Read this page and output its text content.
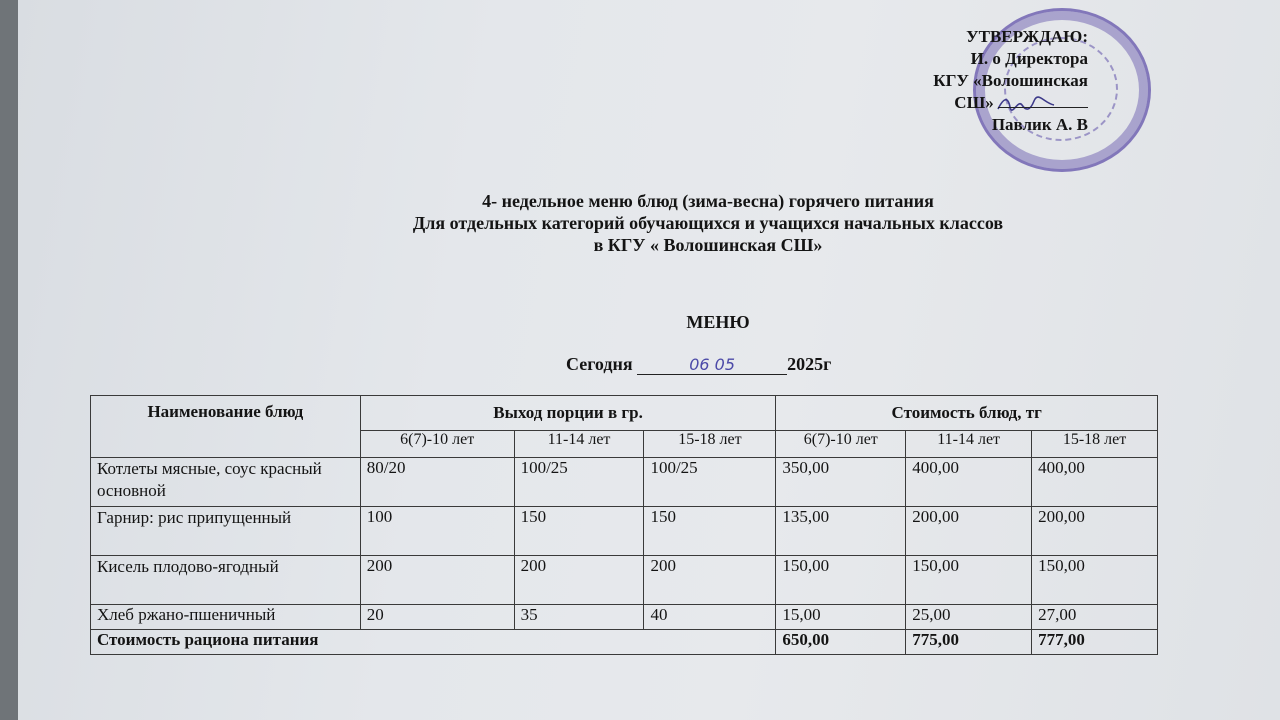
УТВЕРЖДАЮ:
И. о Директора
КГУ «Волошинская
СШ»
Павлик А. В
4- недельное меню блюд (зима-весна) горячего питания
Для отдельных категорий обучающихся и учащихся начальных классов
в КГУ « Волошинская СШ»
МЕНЮ
Сегодня	06 05	2025г
Наименование блюд	Выход порции в гр.			Стоимость блюд, тг		
	6(7)-10 лет	11-14 лет	15-18 лет	6(7)-10 лет	11-14 лет	15-18 лет
Котлеты мясные, соус красный основной	80/20	100/25	100/25	350,00	400,00	400,00
Гарнир: рис припущенный	100	150	150	135,00	200,00	200,00
Кисель плодово-ягодный	200	200	200	150,00	150,00	150,00
Хлеб ржано-пшеничный	20	35	40	15,00	25,00	27,00
Стоимость рациона питания				650,00	775,00	777,00
